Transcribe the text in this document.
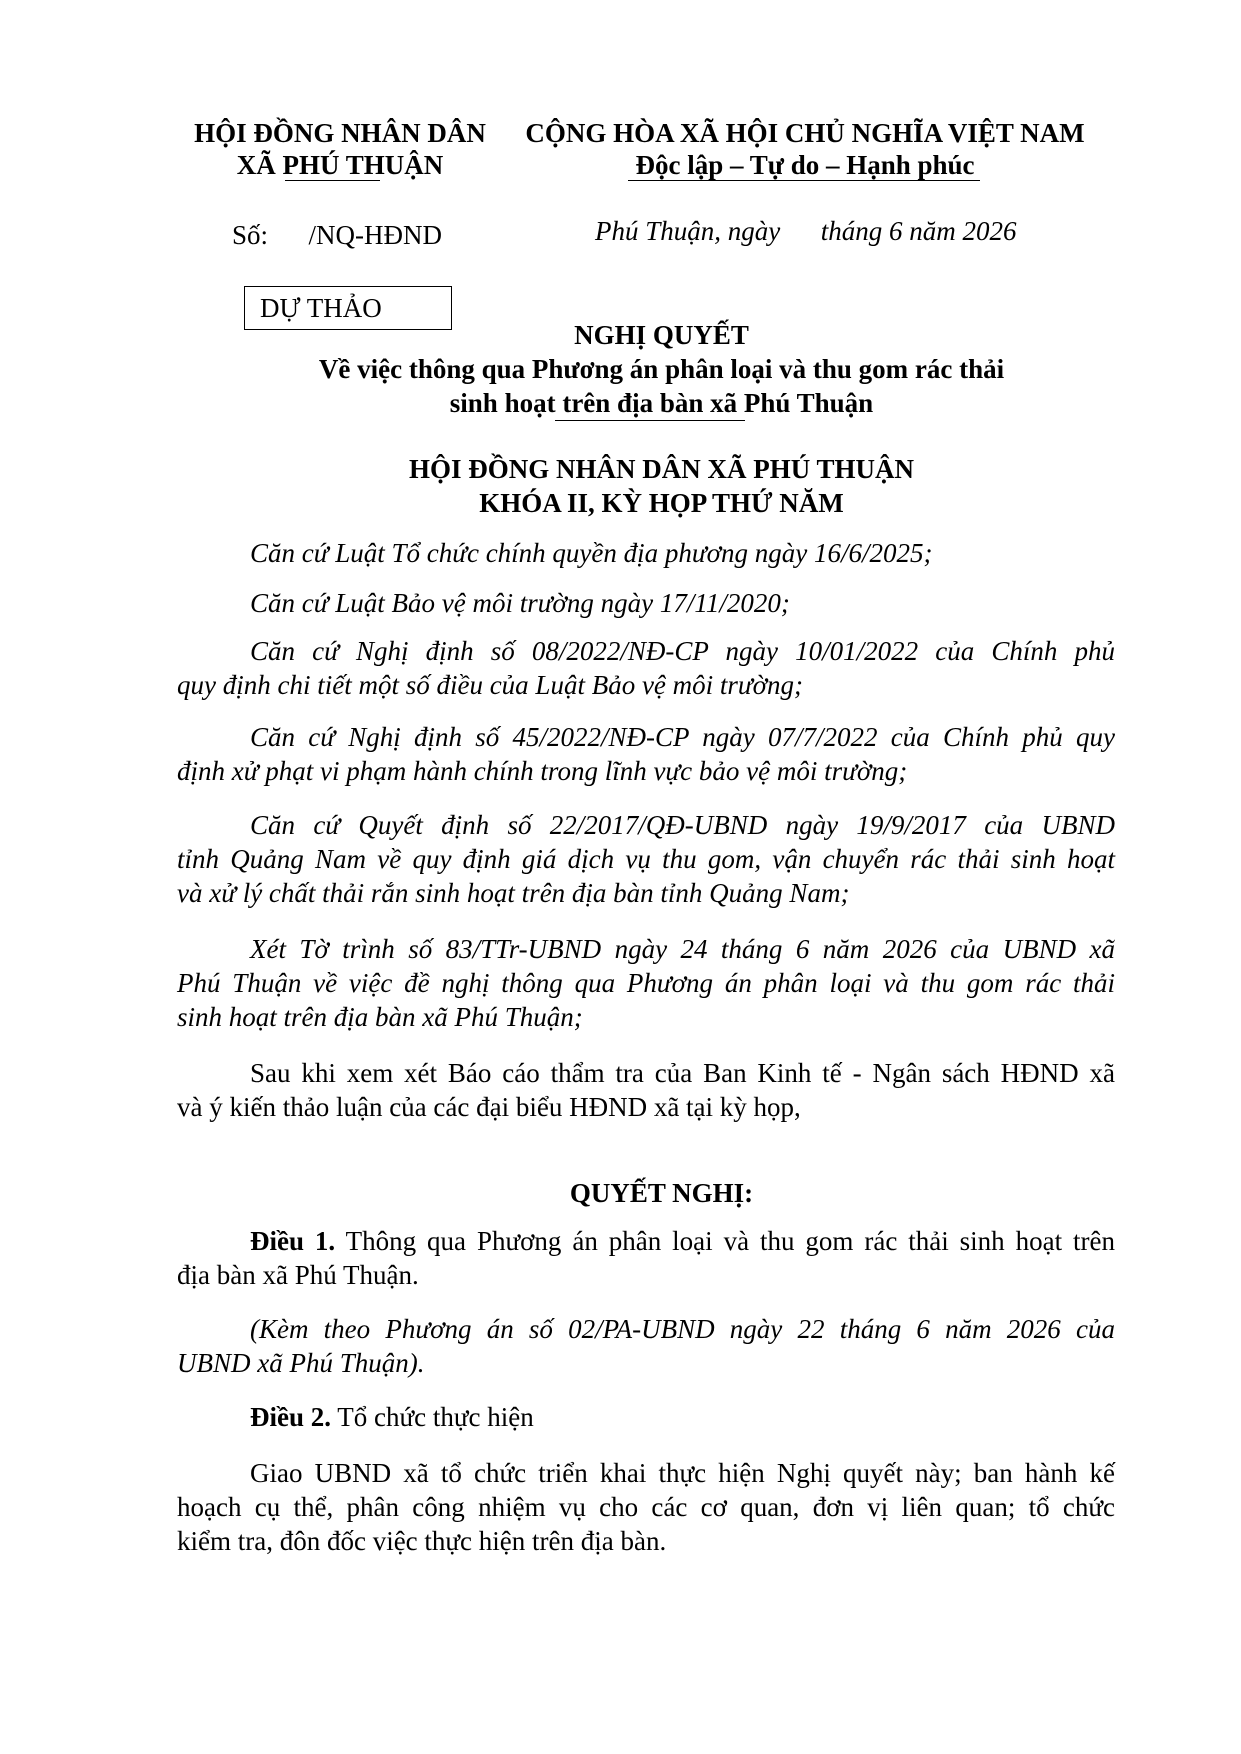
HỘI ĐỒNG NHÂN DÂN
XÃ PHÚ THUẬN
CỘNG HÒA XÃ HỘI CHỦ NGHĨA VIỆT NAM
Độc lập – Tự do – Hạnh phúc
Số:      /NQ-HĐND	Phú Thuận, ngày      tháng 6 năm 2026
DỰ THẢO
NGHỊ QUYẾT
Về việc thông qua Phương án phân loại và thu gom rác thải
sinh hoạt trên địa bàn xã Phú Thuận
HỘI ĐỒNG NHÂN DÂN XÃ PHÚ THUẬN
KHÓA II, KỲ HỌP THỨ NĂM
Căn cứ Luật Tổ chức chính quyền địa phương ngày 16/6/2025;
Căn cứ Luật Bảo vệ môi trường ngày 17/11/2020;
Căn cứ Nghị định số 08/2022/NĐ-CP ngày 10/01/2022 của Chính phủ
quy định chi tiết một số điều của Luật Bảo vệ môi trường;
Căn cứ Nghị định số 45/2022/NĐ-CP ngày 07/7/2022 của Chính phủ quy
định xử phạt vi phạm hành chính trong lĩnh vực bảo vệ môi trường;
Căn cứ Quyết định số 22/2017/QĐ-UBND ngày 19/9/2017 của UBND
tỉnh Quảng Nam về quy định giá dịch vụ thu gom, vận chuyển rác thải sinh hoạt
và xử lý chất thải rắn sinh hoạt trên địa bàn tỉnh Quảng Nam;
Xét Tờ trình số 83/TTr-UBND ngày 24 tháng 6 năm 2026 của UBND xã
Phú Thuận về việc đề nghị thông qua Phương án phân loại và thu gom rác thải
sinh hoạt trên địa bàn xã Phú Thuận;
Sau khi xem xét Báo cáo thẩm tra của Ban Kinh tế - Ngân sách HĐND xã
và ý kiến thảo luận của các đại biểu HĐND xã tại kỳ họp,
QUYẾT NGHỊ:
Điều 1. Thông qua Phương án phân loại và thu gom rác thải sinh hoạt trên
địa bàn xã Phú Thuận.
(Kèm theo Phương án số 02/PA-UBND ngày 22 tháng 6 năm 2026 của
UBND xã Phú Thuận).
Điều 2. Tổ chức thực hiện
Giao UBND xã tổ chức triển khai thực hiện Nghị quyết này; ban hành kế
hoạch cụ thể, phân công nhiệm vụ cho các cơ quan, đơn vị liên quan; tổ chức
kiểm tra, đôn đốc việc thực hiện trên địa bàn.
